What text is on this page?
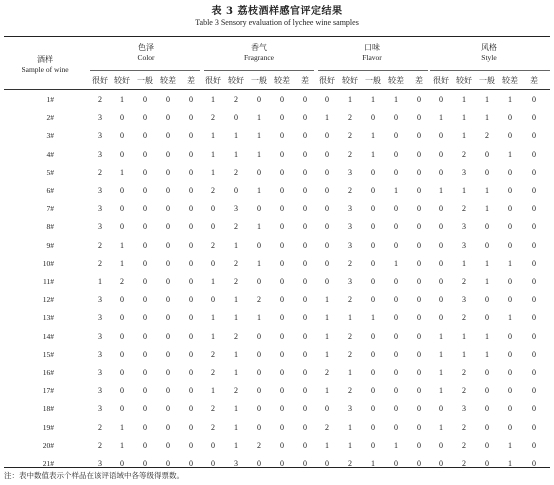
表 3 荔枝酒样感官评定结果
Table 3 Sensory evaluation of lychee wine samples
酒样
Sample of wine
色泽
Color
香气
Fragrance
口味
Flavor
风格
Style
很好 较好 一般 较差	差	很好 较好 一般 较差	差	很好 较好 一般 较差	差	很好 较好 一般 较差	差
1#	2	1	0	0	0	1	2	0	0	0	0	1	1	1	0	0	1	1	1	0
2#	3	0	0	0	0	2	0	1	0	0	1	2	0	0	0	1	1	1	0	0
3#	3	0	0	0	0	1	1	1	0	0	0	2	1	0	0	0	1	2	0	0
4#	3	0	0	0	0	1	1	1	0	0	0	2	1	0	0	0	2	0	1	0
5#	2	1	0	0	0	1	2	0	0	0	0	3	0	0	0	0	3	0	0	0
6#	3	0	0	0	0	2	0	1	0	0	0	2	0	1	0	1	1	1	0	0
7#	3	0	0	0	0	0	3	0	0	0	0	3	0	0	0	0	2	1	0	0
8#	3	0	0	0	0	0	2	1	0	0	0	3	0	0	0	0	3	0	0	0
9#	2	1	0	0	0	2	1	0	0	0	0	3	0	0	0	0	3	0	0	0
10#	2	1	0	0	0	0	2	1	0	0	0	2	0	1	0	0	1	1	1	0
11#	1	2	0	0	0	1	2	0	0	0	0	3	0	0	0	0	2	1	0	0
12#	3	0	0	0	0	0	1	2	0	0	1	2	0	0	0	0	3	0	0	0
13#	3	0	0	0	0	1	1	1	0	0	1	1	1	0	0	0	2	0	1	0
14#	3	0	0	0	0	1	2	0	0	0	1	2	0	0	0	1	1	1	0	0
15#	3	0	0	0	0	2	1	0	0	0	1	2	0	0	0	1	1	1	0	0
16#	3	0	0	0	0	2	1	0	0	0	2	1	0	0	0	1	2	0	0	0
17#	3	0	0	0	0	1	2	0	0	0	1	2	0	0	0	1	2	0	0	0
18#	3	0	0	0	0	2	1	0	0	0	0	3	0	0	0	0	3	0	0	0
19#	2	1	0	0	0	2	1	0	0	0	2	1	0	0	0	1	2	0	0	0
20#	2	1	0	0	0	0	1	2	0	0	1	1	0	1	0	0	2	0	1	0
21#	3	0	0	0	0	0	3	0	0	0	0	2	1	0	0	0	2	0	1	0
注：表中数值表示个样品在该评语域中各等级得票数。
